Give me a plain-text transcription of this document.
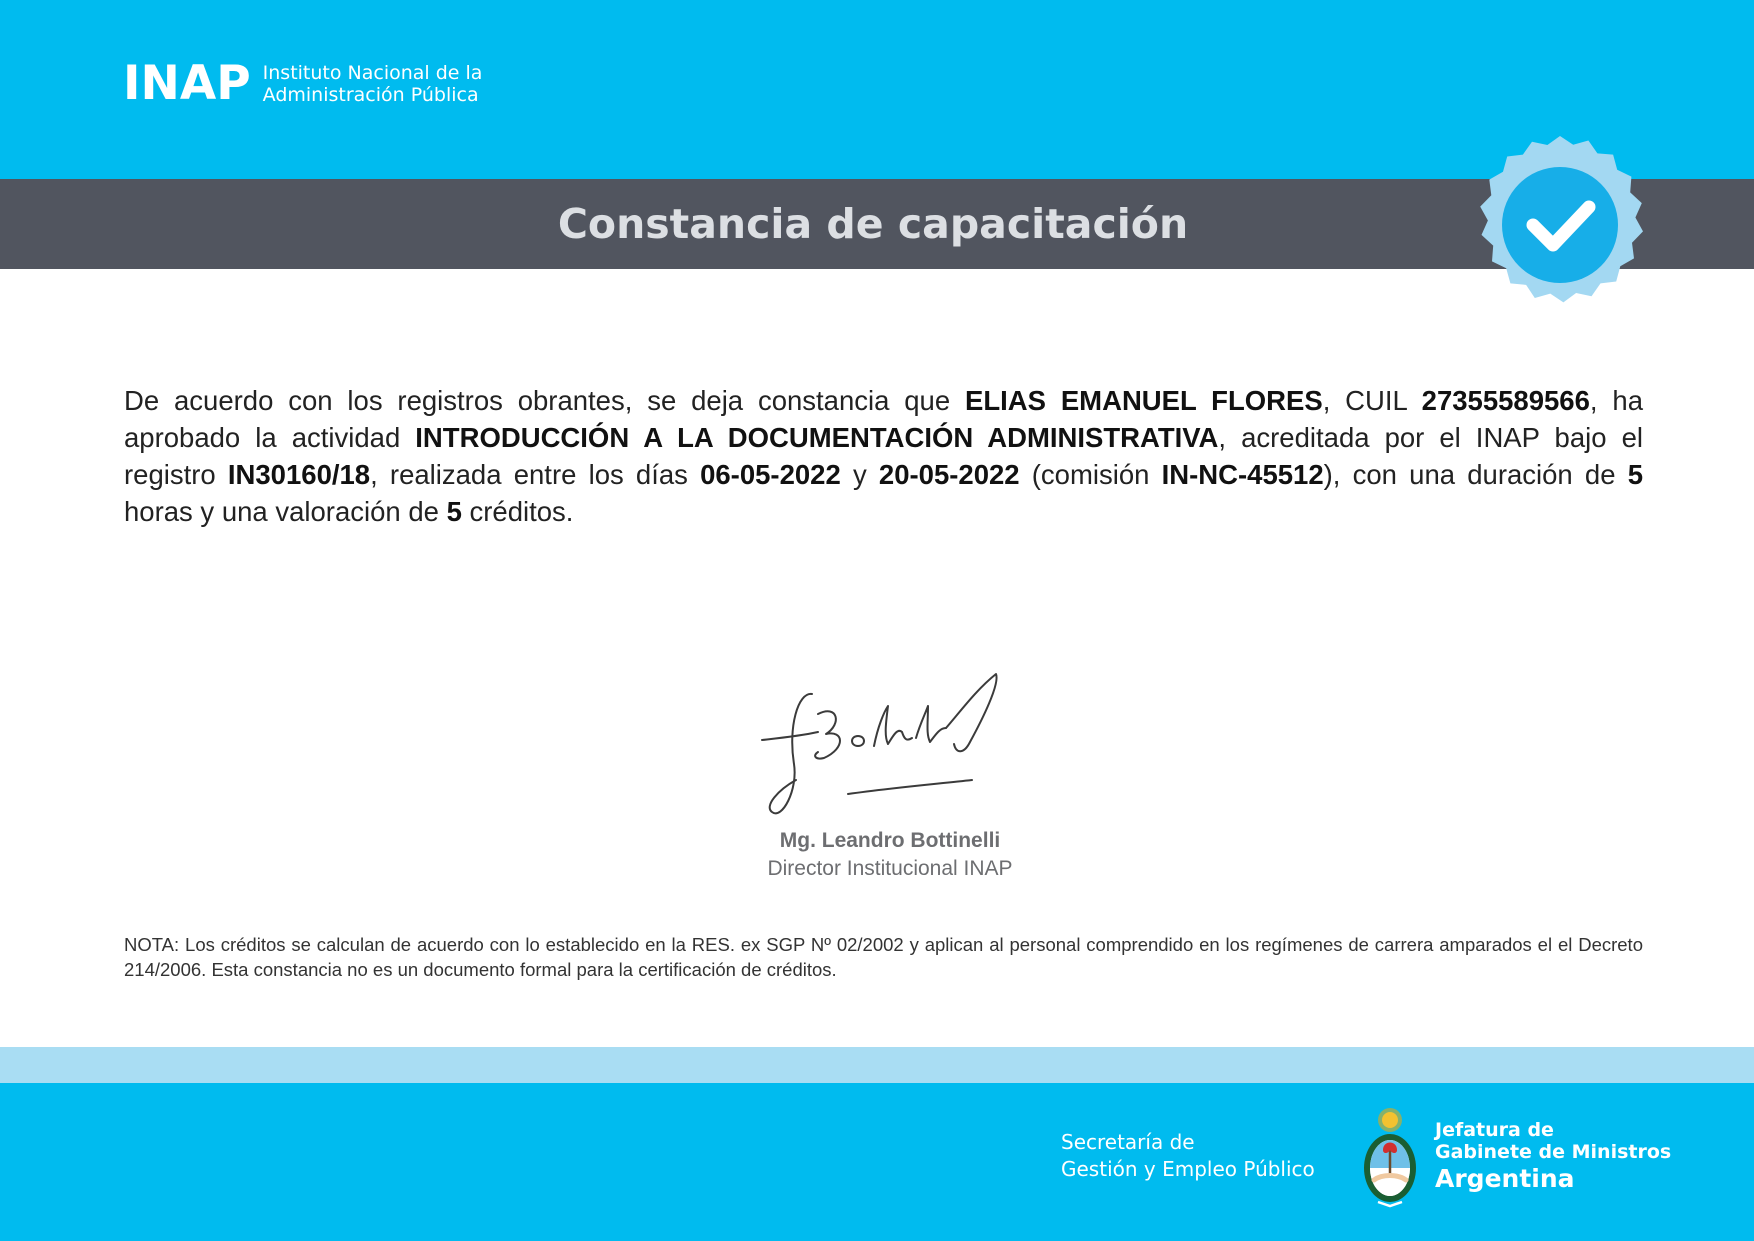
INAP Instituto Nacional de la
Administración Pública
Constancia de capacitación
De acuerdo con los registros obrantes, se deja constancia que ELIAS EMANUEL FLORES, CUIL 27355589566, ha aprobado la actividad INTRODUCCIÓN A LA DOCUMENTACIÓN ADMINISTRATIVA, acreditada por el INAP bajo el registro IN30160/18, realizada entre los días 06-05-2022 y 20-05-2022 (comisión IN-NC-45512), con una duración de 5 horas y una valoración de 5 créditos.
Mg. Leandro Bottinelli
Director Institucional INAP
NOTA: Los créditos se calculan de acuerdo con lo establecido en la RES. ex SGP Nº 02/2002 y aplican al personal comprendido en los regímenes de carrera amparados el el Decreto 214/2006. Esta constancia no es un documento formal para la certificación de créditos.
Secretaría de
Gestión y Empleo Público
Jefatura de
Gabinete de Ministros
Argentina
